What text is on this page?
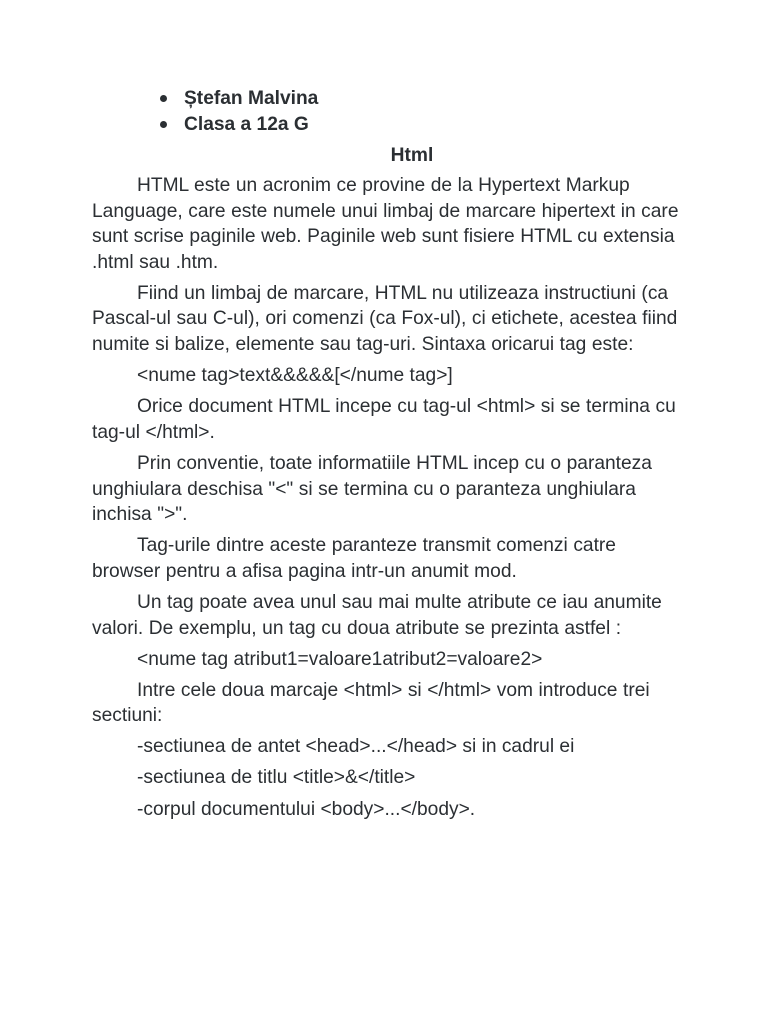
Ștefan Malvina
Clasa a 12a G
Html

HTML este un acronim ce provine de la Hypertext Markup Language, care este numele unui limbaj de marcare hipertext in care sunt scrise paginile web. Paginile web sunt fisiere HTML cu extensia .html sau .htm.

Fiind un limbaj de marcare, HTML nu utilizeaza instructiuni (ca Pascal-ul sau C-ul), ori comenzi (ca Fox-ul), ci etichete, acestea fiind numite si balize, elemente sau tag-uri. Sintaxa oricarui tag este:

<nume tag>text&&&&&[</nume tag>]

Orice document HTML incepe cu tag-ul <html> si se termina cu tag-ul </html>.

Prin conventie, toate informatiile HTML incep cu o paranteza unghiulara deschisa "<" si se termina cu o paranteza unghiulara inchisa ">".

Tag-urile dintre aceste paranteze transmit comenzi catre browser pentru a afisa pagina intr-un anumit mod.

Un tag poate avea unul sau mai multe atribute ce iau anumite valori. De exemplu, un tag cu doua atribute se prezinta astfel :

<nume tag atribut1=valoare1atribut2=valoare2>

Intre cele doua marcaje <html> si </html> vom introduce trei sectiuni:

-sectiunea de antet <head>...</head> si in cadrul ei

-sectiunea de titlu <title>&</title>

-corpul documentului <body>...</body>.
